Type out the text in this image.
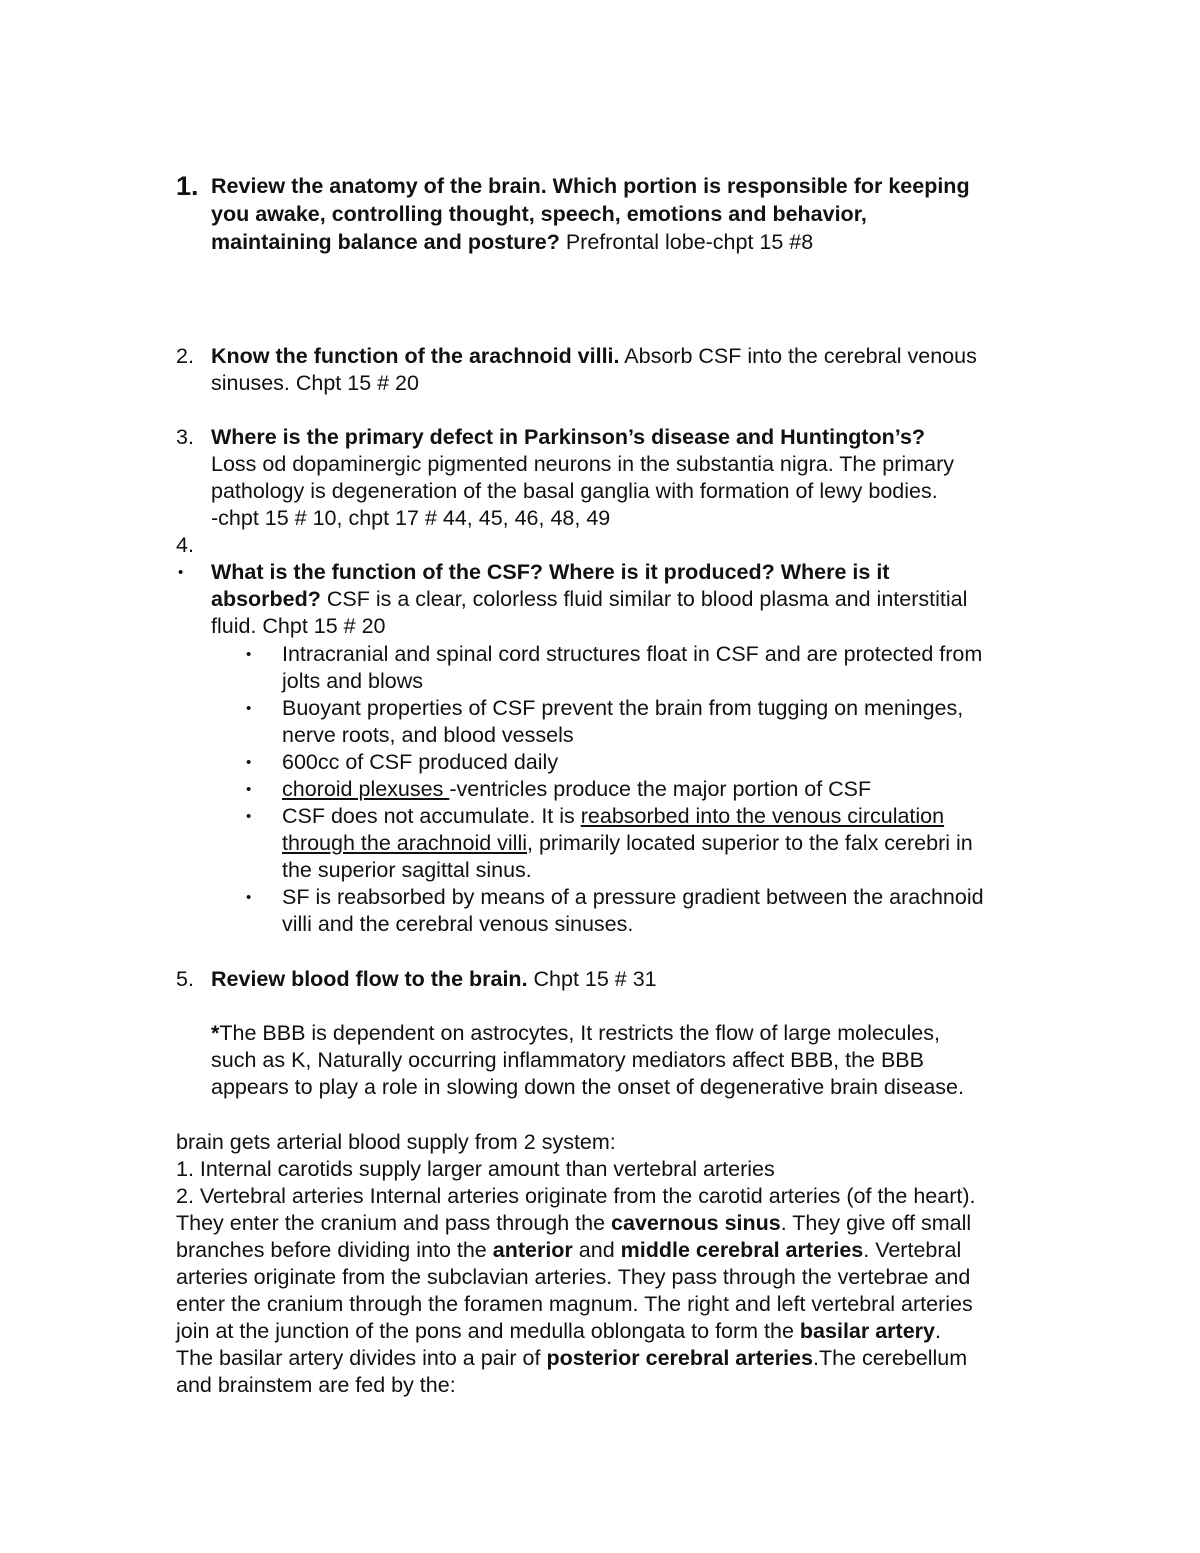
1. Review the anatomy of the brain. Which portion is responsible for keeping
you awake, controlling thought, speech, emotions and behavior,
maintaining balance and posture? Prefrontal lobe-chpt 15 #8
2. Know the function of the arachnoid villi. Absorb CSF into the cerebral venous
sinuses. Chpt 15 # 20
3. Where is the primary defect in Parkinson’s disease and Huntington’s?
Loss od dopaminergic pigmented neurons in the substantia nigra. The primary
pathology is degeneration of the basal ganglia with formation of lewy bodies.
-chpt 15 # 10, chpt 17 # 44, 45, 46, 48, 49
4.
• What is the function of the CSF? Where is it produced? Where is it
absorbed? CSF is a clear, colorless fluid similar to blood plasma and interstitial
fluid. Chpt 15 # 20
• Intracranial and spinal cord structures float in CSF and are protected from
jolts and blows
• Buoyant properties of CSF prevent the brain from tugging on meninges,
nerve roots, and blood vessels
• 600cc of CSF produced daily
• choroid plexuses -ventricles produce the major portion of CSF
• CSF does not accumulate. It is reabsorbed into the venous circulation
through the arachnoid villi, primarily located superior to the falx cerebri in
the superior sagittal sinus.
• SF is reabsorbed by means of a pressure gradient between the arachnoid
villi and the cerebral venous sinuses.
5. Review blood flow to the brain. Chpt 15 # 31
*The BBB is dependent on astrocytes, It restricts the flow of large molecules,
such as K, Naturally occurring inflammatory mediators affect BBB, the BBB
appears to play a role in slowing down the onset of degenerative brain disease.
brain gets arterial blood supply from 2 system:
1. Internal carotids supply larger amount than vertebral arteries
2. Vertebral arteries Internal arteries originate from the carotid arteries (of the heart).
They enter the cranium and pass through the cavernous sinus. They give off small
branches before dividing into the anterior and middle cerebral arteries. Vertebral
arteries originate from the subclavian arteries. They pass through the vertebrae and
enter the cranium through the foramen magnum. The right and left vertebral arteries
join at the junction of the pons and medulla oblongata to form the basilar artery.
The basilar artery divides into a pair of posterior cerebral arteries.The cerebellum
and brainstem are fed by the:
